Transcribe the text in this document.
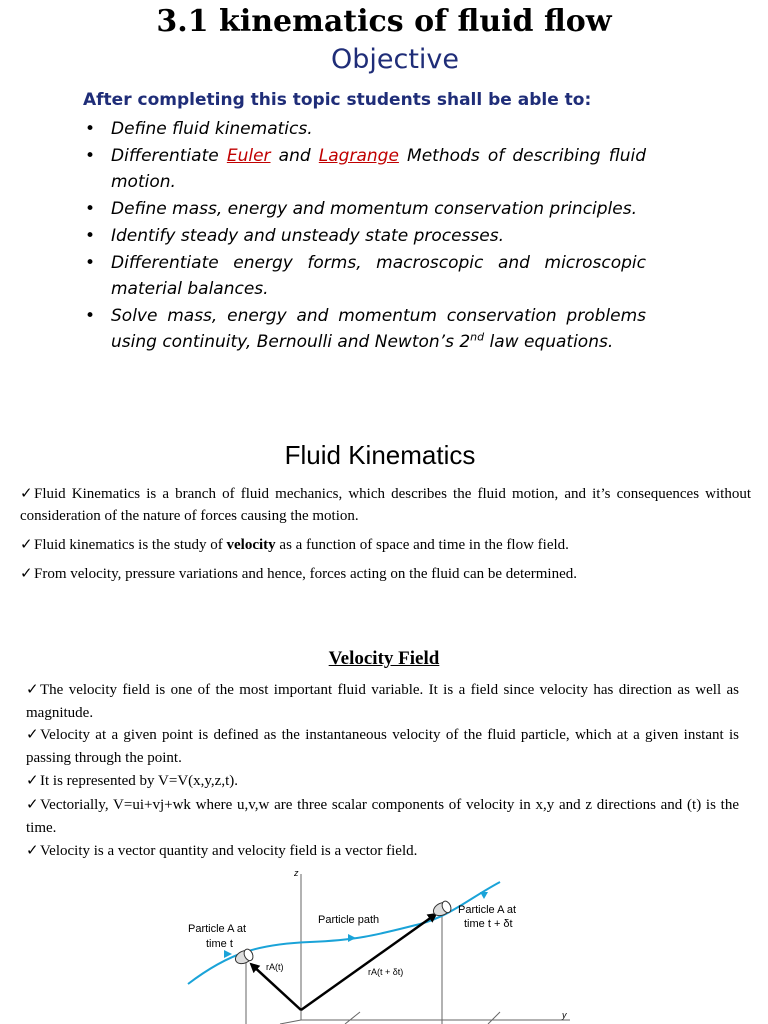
3.1 kinematics of fluid flow
Objective
After completing this topic students shall be able to:
• Define fluid kinematics.
• Differentiate Euler and Lagrange Methods of describing fluid motion.
• Define mass, energy and momentum conservation principles.
• Identify steady and unsteady state processes.
• Differentiate energy forms, macroscopic and microscopic material balances.
• Solve mass, energy and momentum conservation problems using continuity, Bernoulli and Newton’s 2nd law equations.
Fluid Kinematics

✓Fluid Kinematics is a branch of fluid mechanics, which describes the fluid motion, and it’s consequences without consideration of the nature of forces causing the motion.

✓Fluid kinematics is the study of velocity as a function of space and time in the flow field.

✓From velocity, pressure variations and hence, forces acting on the fluid can be determined.

Velocity Field

✓The velocity field is one of the most important fluid variable. It is a field since velocity has direction as well as magnitude.

✓Velocity at a given point is defined as the instantaneous velocity of the fluid particle, which at a given instant is passing through the point.

✓It is represented by V=V(x,y,z,t).

✓Vectorially, V=ui+vj+wk where u,v,w are three scalar components of velocity in x,y and z directions and (t) is the time.

✓Velocity is a vector quantity and velocity field is a vector field.

z
y
Particle A at
time t
Particle path
Particle A at
time t + δt
rA(t)	rA(t + δt)
